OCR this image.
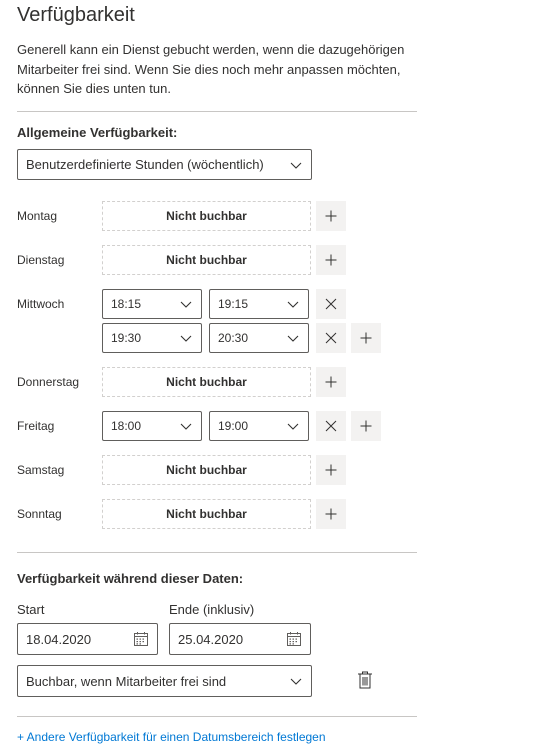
Verfügbarkeit
Generell kann ein Dienst gebucht werden, wenn die dazugehörigen Mitarbeiter frei sind. Wenn Sie dies noch mehr anpassen möchten, können Sie dies unten tun.
Allgemeine Verfügbarkeit:
Benutzerdefinierte Stunden (wöchentlich)
Montag	Nicht buchbar
Dienstag	Nicht buchbar
Mittwoch	18:15	19:15
19:30	20:30
Donnerstag	Nicht buchbar
Freitag	18:00	19:00
Samstag	Nicht buchbar
Sonntag	Nicht buchbar
Verfügbarkeit während dieser Daten:
Start	Ende (inklusiv)
18.04.2020	25.04.2020
Buchbar, wenn Mitarbeiter frei sind
+ Andere Verfügbarkeit für einen Datumsbereich festlegen
